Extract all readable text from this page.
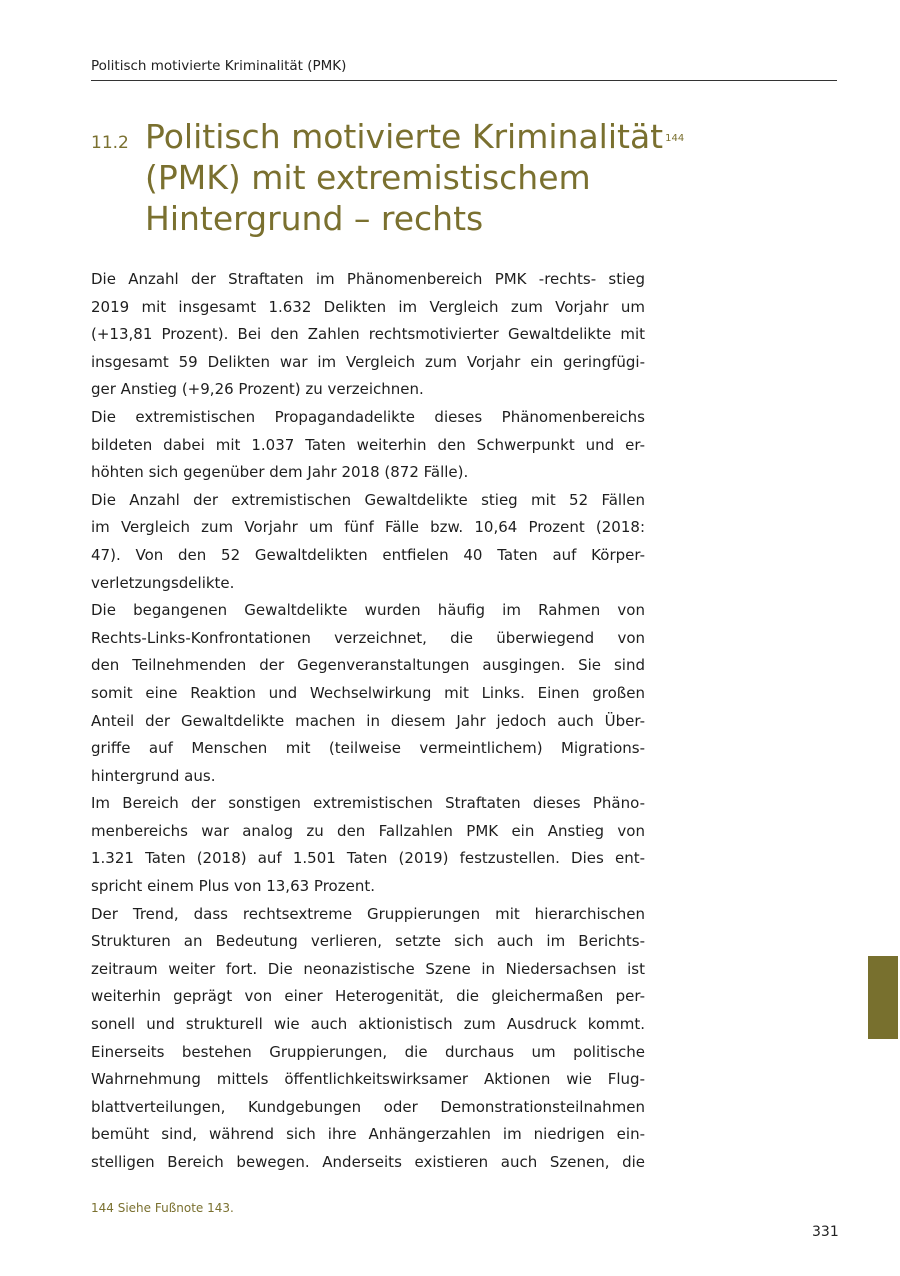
Politisch motivierte Kriminalität (PMK)
11.2 Politisch motivierte Kriminalität $^{144}$
(PMK) mit extremistischem
Hintergrund – rechts
Die Anzahl der Straftaten im Phänomenbereich PMK -rechts- stieg
2019 mit insgesamt 1.632 Delikten im Vergleich zum Vorjahr um
(+13,81 Prozent). Bei den Zahlen rechtsmotivierter Gewaltdelikte mit
insgesamt 59 Delikten war im Vergleich zum Vorjahr ein geringfügi-
ger Anstieg (+9,26 Prozent) zu verzeichnen.
Die extremistischen Propagandadelikte dieses Phänomenbereichs
bildeten dabei mit 1.037 Taten weiterhin den Schwerpunkt und er-
höhten sich gegenüber dem Jahr 2018 (872 Fälle).
Die Anzahl der extremistischen Gewaltdelikte stieg mit 52 Fällen
im Vergleich zum Vorjahr um fünf Fälle bzw. 10,64 Prozent (2018:
47). Von den 52 Gewaltdelikten entfielen 40 Taten auf Körper-
verletzungsdelikte.
Die begangenen Gewaltdelikte wurden häufig im Rahmen von
Rechts-Links-Konfrontationen verzeichnet, die überwiegend von
den Teilnehmenden der Gegenveranstaltungen ausgingen. Sie sind
somit eine Reaktion und Wechselwirkung mit Links. Einen großen
Anteil der Gewaltdelikte machen in diesem Jahr jedoch auch Über-
griffe auf Menschen mit (teilweise vermeintlichem) Migrations-
hintergrund aus.
Im Bereich der sonstigen extremistischen Straftaten dieses Phäno-
menbereichs war analog zu den Fallzahlen PMK ein Anstieg von
1.321 Taten (2018) auf 1.501 Taten (2019) festzustellen. Dies ent-
spricht einem Plus von 13,63 Prozent.
Der Trend, dass rechtsextreme Gruppierungen mit hierarchischen
Strukturen an Bedeutung verlieren, setzte sich auch im Berichts-
zeitraum weiter fort. Die neonazistische Szene in Niedersachsen ist
weiterhin geprägt von einer Heterogenität, die gleichermaßen per-
sonell und strukturell wie auch aktionistisch zum Ausdruck kommt.
Einerseits bestehen Gruppierungen, die durchaus um politische
Wahrnehmung mittels öffentlichkeitswirksamer Aktionen wie Flug-
blattverteilungen, Kundgebungen oder Demonstrationsteilnahmen
bemüht sind, während sich ihre Anhängerzahlen im niedrigen ein-
stelligen Bereich bewegen. Anderseits existieren auch Szenen, die
144 Siehe Fußnote 143.
331
